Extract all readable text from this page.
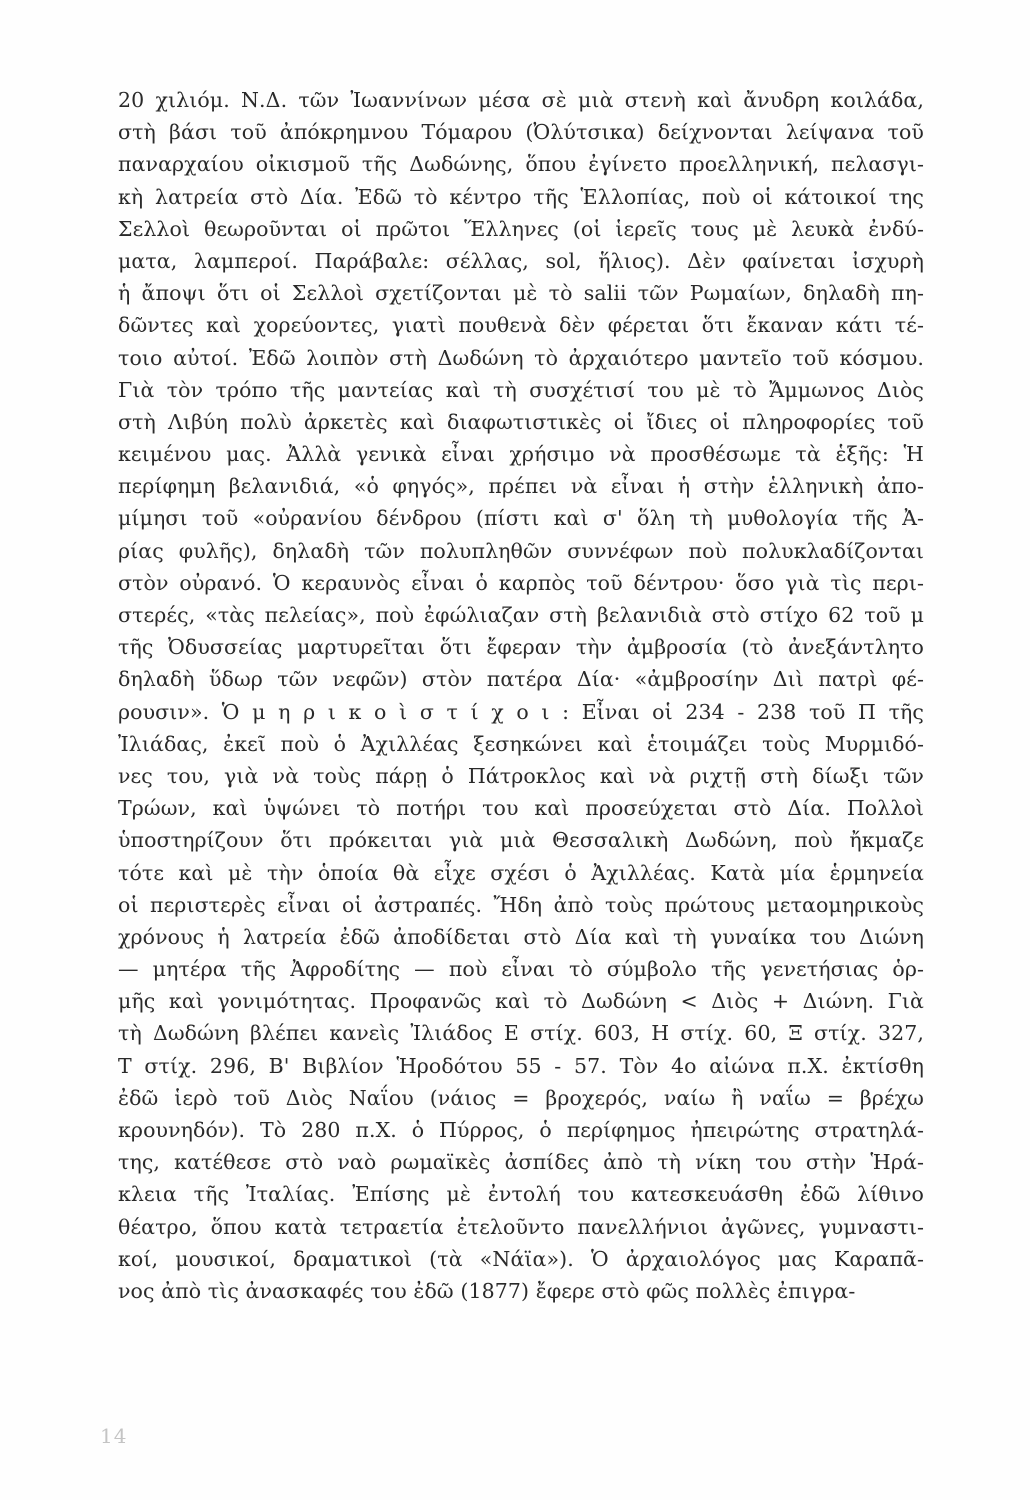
20 χιλιόμ. Ν.Δ. τῶν Ἰωαννίνων μέσα σὲ μιὰ στενὴ καὶ ἄνυδρη κοιλάδα,
στὴ βάσι τοῦ ἀπόκρημνου Τόμαρου (Ὀλύτσικα) δείχνονται λείψανα τοῦ
παναρχαίου οἰκισμοῦ τῆς Δωδώνης, ὅπου ἐγίνετο προελληνική, πελασγι-
κὴ λατρεία στὸ Δία. Ἐδῶ τὸ κέντρο τῆς Ἑλλοπίας, ποὺ οἱ κάτοικοί της
Σελλοὶ θεωροῦνται οἱ πρῶτοι Ἕλληνες (οἱ ἱερεῖς τους μὲ λευκὰ ἐνδύ-
ματα, λαμπεροί. Παράβαλε: σέλλας, sol, ἥλιος). Δὲν φαίνεται ἰσχυρὴ
ἡ ἄποψι ὅτι οἱ Σελλοὶ σχετίζονται μὲ τὸ salii τῶν Ρωμαίων, δηλαδὴ πη-
δῶντες καὶ χορεύοντες, γιατὶ πουθενὰ δὲν φέρεται ὅτι ἔκαναν κάτι τέ-
τοιο αὐτοί. Ἐδῶ λοιπὸν στὴ Δωδώνη τὸ ἀρχαιότερο μαντεῖο τοῦ κόσμου.
Γιὰ τὸν τρόπο τῆς μαντείας καὶ τὴ συσχέτισί του μὲ τὸ Ἄμμωνος Διὸς
στὴ Λιβύη πολὺ ἀρκετὲς καὶ διαφωτιστικὲς οἱ ἴδιες οἱ πληροφορίες τοῦ
κειμένου μας. Ἀλλὰ γενικὰ εἶναι χρήσιμο νὰ προσθέσωμε τὰ ἑξῆς: Ἡ
περίφημη βελανιδιά, «ὁ φηγός», πρέπει νὰ εἶναι ἡ στὴν ἑλληνικὴ ἀπο-
μίμησι τοῦ «οὐρανίου δένδρου (πίστι καὶ σ' ὅλη τὴ μυθολογία τῆς Ἀ-
ρίας φυλῆς), δηλαδὴ τῶν πολυπληθῶν συννέφων ποὺ πολυκλαδίζονται
στὸν οὐρανό. Ὁ κεραυνὸς εἶναι ὁ καρπὸς τοῦ δέντρου· ὅσο γιὰ τὶς περι-
στερές, «τὰς πελείας», ποὺ ἐφώλιαζαν στὴ βελανιδιὰ στὸ στίχο 62 τοῦ μ
τῆς Ὀδυσσείας μαρτυρεῖται ὅτι ἔφεραν τὴν ἀμβροσία (τὸ ἀνεξάντλητο
δηλαδὴ ὕδωρ τῶν νεφῶν) στὸν πατέρα Δία· «ἀμβροσίην Διὶ πατρὶ φέ-
ρουσιν». Ὁ μ η ρ ι κ ο ὶ σ τ ί χ ο ι : Εἶναι οἱ 234 - 238 τοῦ Π τῆς
Ἰλιάδας, ἐκεῖ ποὺ ὁ Ἀχιλλέας ξεσηκώνει καὶ ἑτοιμάζει τοὺς Μυρμιδό-
νες του, γιὰ νὰ τοὺς πάρῃ ὁ Πάτροκλος καὶ νὰ ριχτῇ στὴ δίωξι τῶν
Τρώων, καὶ ὑψώνει τὸ ποτήρι του καὶ προσεύχεται στὸ Δία. Πολλοὶ
ὑποστηρίζουν ὅτι πρόκειται γιὰ μιὰ Θεσσαλικὴ Δωδώνη, ποὺ ἤκμαζε
τότε καὶ μὲ τὴν ὁποία θὰ εἶχε σχέσι ὁ Ἀχιλλέας. Κατὰ μία ἑρμηνεία
οἱ περιστερὲς εἶναι οἱ ἀστραπές. Ἤδη ἀπὸ τοὺς πρώτους μεταομηρικοὺς
χρόνους ἡ λατρεία ἐδῶ ἀποδίδεται στὸ Δία καὶ τὴ γυναίκα του Διώνη
— μητέρα τῆς Ἀφροδίτης — ποὺ εἶναι τὸ σύμβολο τῆς γενετήσιας ὁρ-
μῆς καὶ γονιμότητας. Προφανῶς καὶ τὸ Δωδώνη < Διὸς + Διώνη. Γιὰ
τὴ Δωδώνη βλέπει κανεὶς Ἰλιάδος Ε στίχ. 603, Η στίχ. 60, Ξ στίχ. 327,
Τ στίχ. 296, Β' Βιβλίον Ἡροδότου 55 - 57. Τὸν 4ο αἰώνα π.Χ. ἐκτίσθη
ἐδῶ ἱερὸ τοῦ Διὸς Ναΐου (νάιος = βροχερός, ναίω ἢ ναΐω = βρέχω
κρουνηδόν). Τὸ 280 π.Χ. ὁ Πύρρος, ὁ περίφημος ἠπειρώτης στρατηλά-
της, κατέθεσε στὸ ναὸ ρωμαϊκὲς ἀσπίδες ἀπὸ τὴ νίκη του στὴν Ἡρά-
κλεια τῆς Ἰταλίας. Ἐπίσης μὲ ἐντολή του κατεσκευάσθη ἐδῶ λίθινο
θέατρο, ὅπου κατὰ τετραετία ἐτελοῦντο πανελλήνιοι ἀγῶνες, γυμναστι-
κοί, μουσικοί, δραματικοὶ (τὰ «Νάϊα»). Ὁ ἀρχαιολόγος μας Καραπᾶ-
νος ἀπὸ τὶς ἀνασκαφές του ἐδῶ (1877) ἔφερε στὸ φῶς πολλὲς ἐπιγρα-
14
